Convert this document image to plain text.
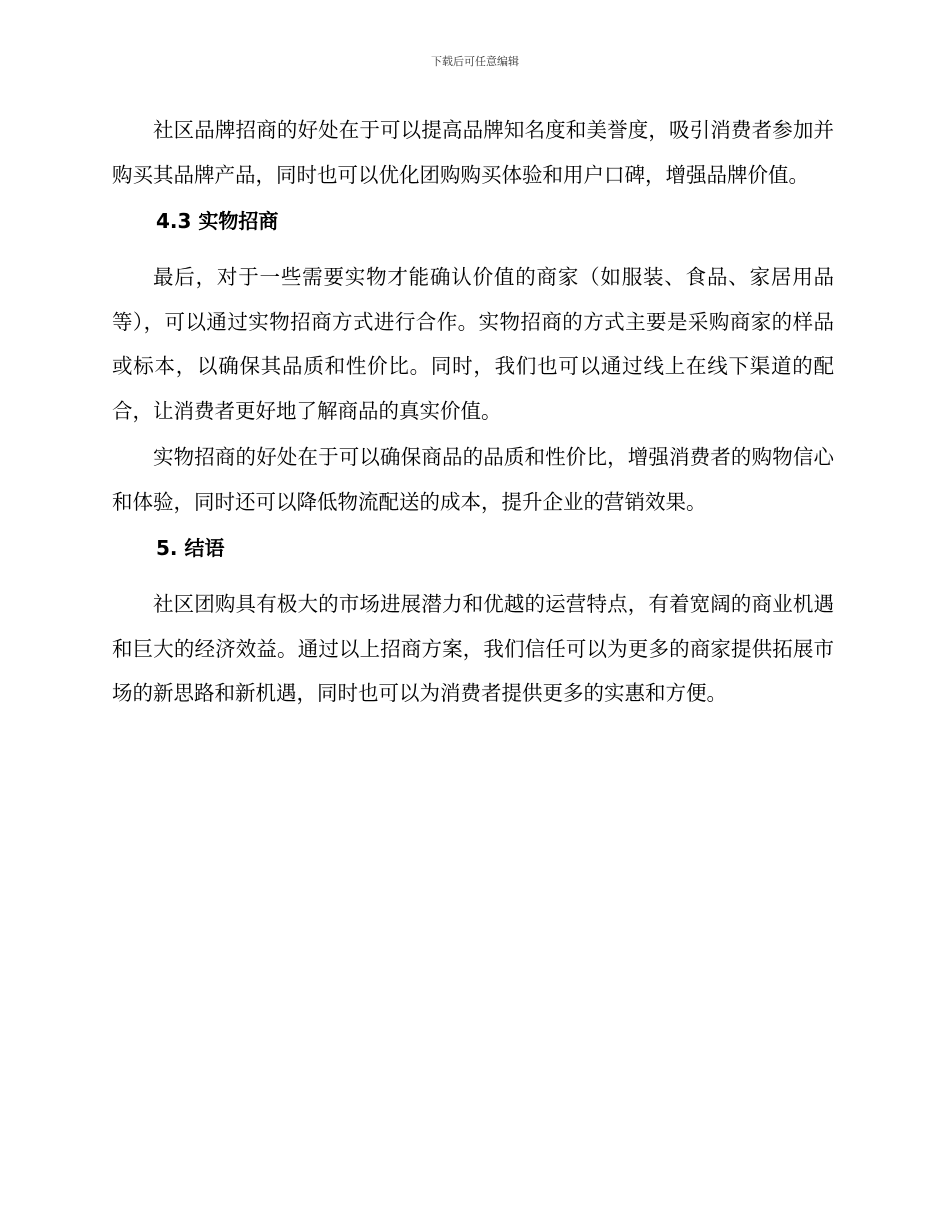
下载后可任意编辑

社区品牌招商的好处在于可以提高品牌知名度和美誉度，吸引消费者参加并购买其品牌产品，同时也可以优化团购购买体验和用户口碑，增强品牌价值。

4.3 实物招商

最后，对于一些需要实物才能确认价值的商家（如服装、食品、家居用品等），可以通过实物招商方式进行合作。实物招商的方式主要是采购商家的样品或标本，以确保其品质和性价比。同时，我们也可以通过线上在线下渠道的配合，让消费者更好地了解商品的真实价值。

实物招商的好处在于可以确保商品的品质和性价比，增强消费者的购物信心和体验，同时还可以降低物流配送的成本，提升企业的营销效果。

5. 结语

社区团购具有极大的市场进展潜力和优越的运营特点，有着宽阔的商业机遇和巨大的经济效益。通过以上招商方案，我们信任可以为更多的商家提供拓展市场的新思路和新机遇，同时也可以为消费者提供更多的实惠和方便。
